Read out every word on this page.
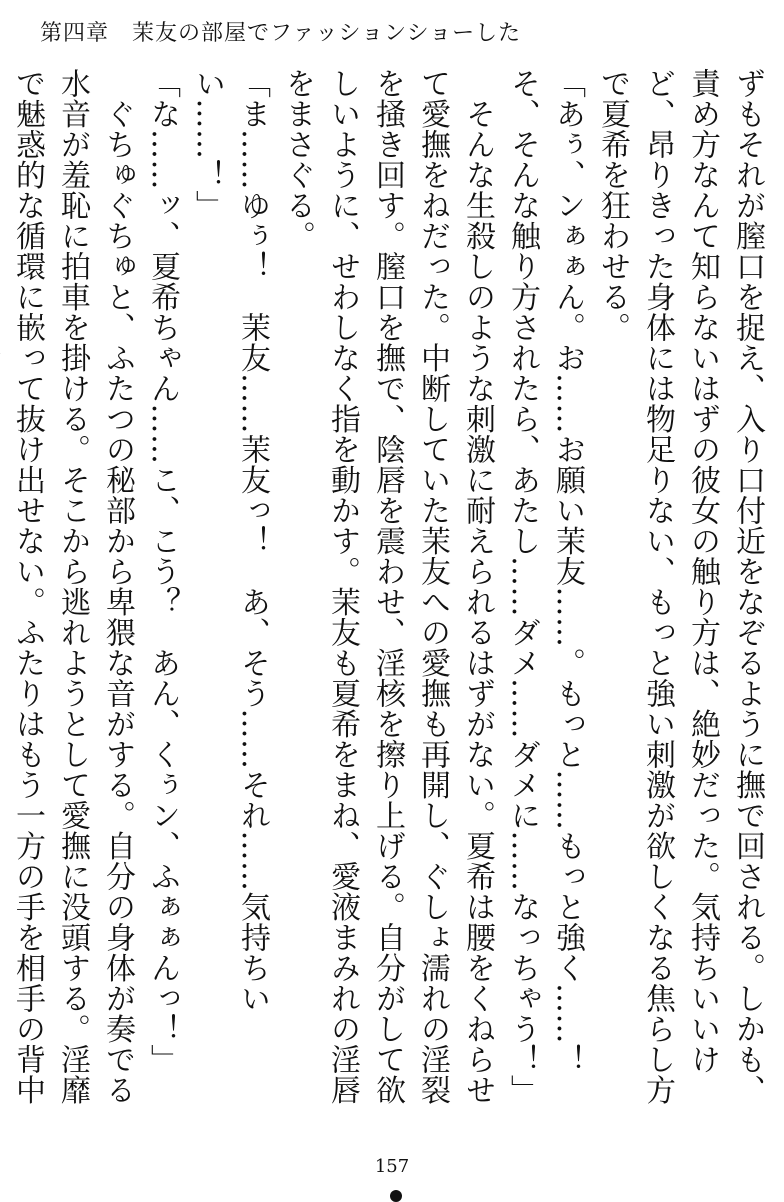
第四章　茉友の部屋でファッションショーした

ずもそれが膣口を捉え、入り口付近をなぞるように撫で回される。しかも、責め方なんて知らないはずの彼女の触り方は、絶妙だった。気持ちいいけど、昂りきった身体には物足りない、もっと強い刺激が欲しくなる焦らし方で夏希を狂わせる。

「あぅ、ンぁぁん。お……お願い茉友……。もっと……もっと強く……！　そ、そんな触り方されたら、あたし……ダメ……ダメに……なっちゃう！」

　そんな生殺しのような刺激に耐えられるはずがない。夏希は腰をくねらせて愛撫をねだった。中断していた茉友への愛撫も再開し、ぐしょ濡れの淫裂を掻き回す。膣口を撫で、陰唇を震わせ、淫核を擦り上げる。自分がして欲しいように、せわしなく指を動かす。茉友も夏希をまね、愛液まみれの淫唇をまさぐる。

「ま……ゆぅ！　茉友……茉友っ！　あ、そう……それ……気持ちいい……！」

「な……ッ、夏希ちゃん……こ、こう？　あん、くぅン、ふぁぁんっ！」

　ぐちゅぐちゅと、ふたつの秘部から卑猥な音がする。自分の身体が奏でる水音が羞恥に拍車を掛ける。そこから逃れようとして愛撫に没頭する。淫靡で魅惑的な循環に嵌って抜け出せない。ふたりはもう一方の手を相手の背中

157
